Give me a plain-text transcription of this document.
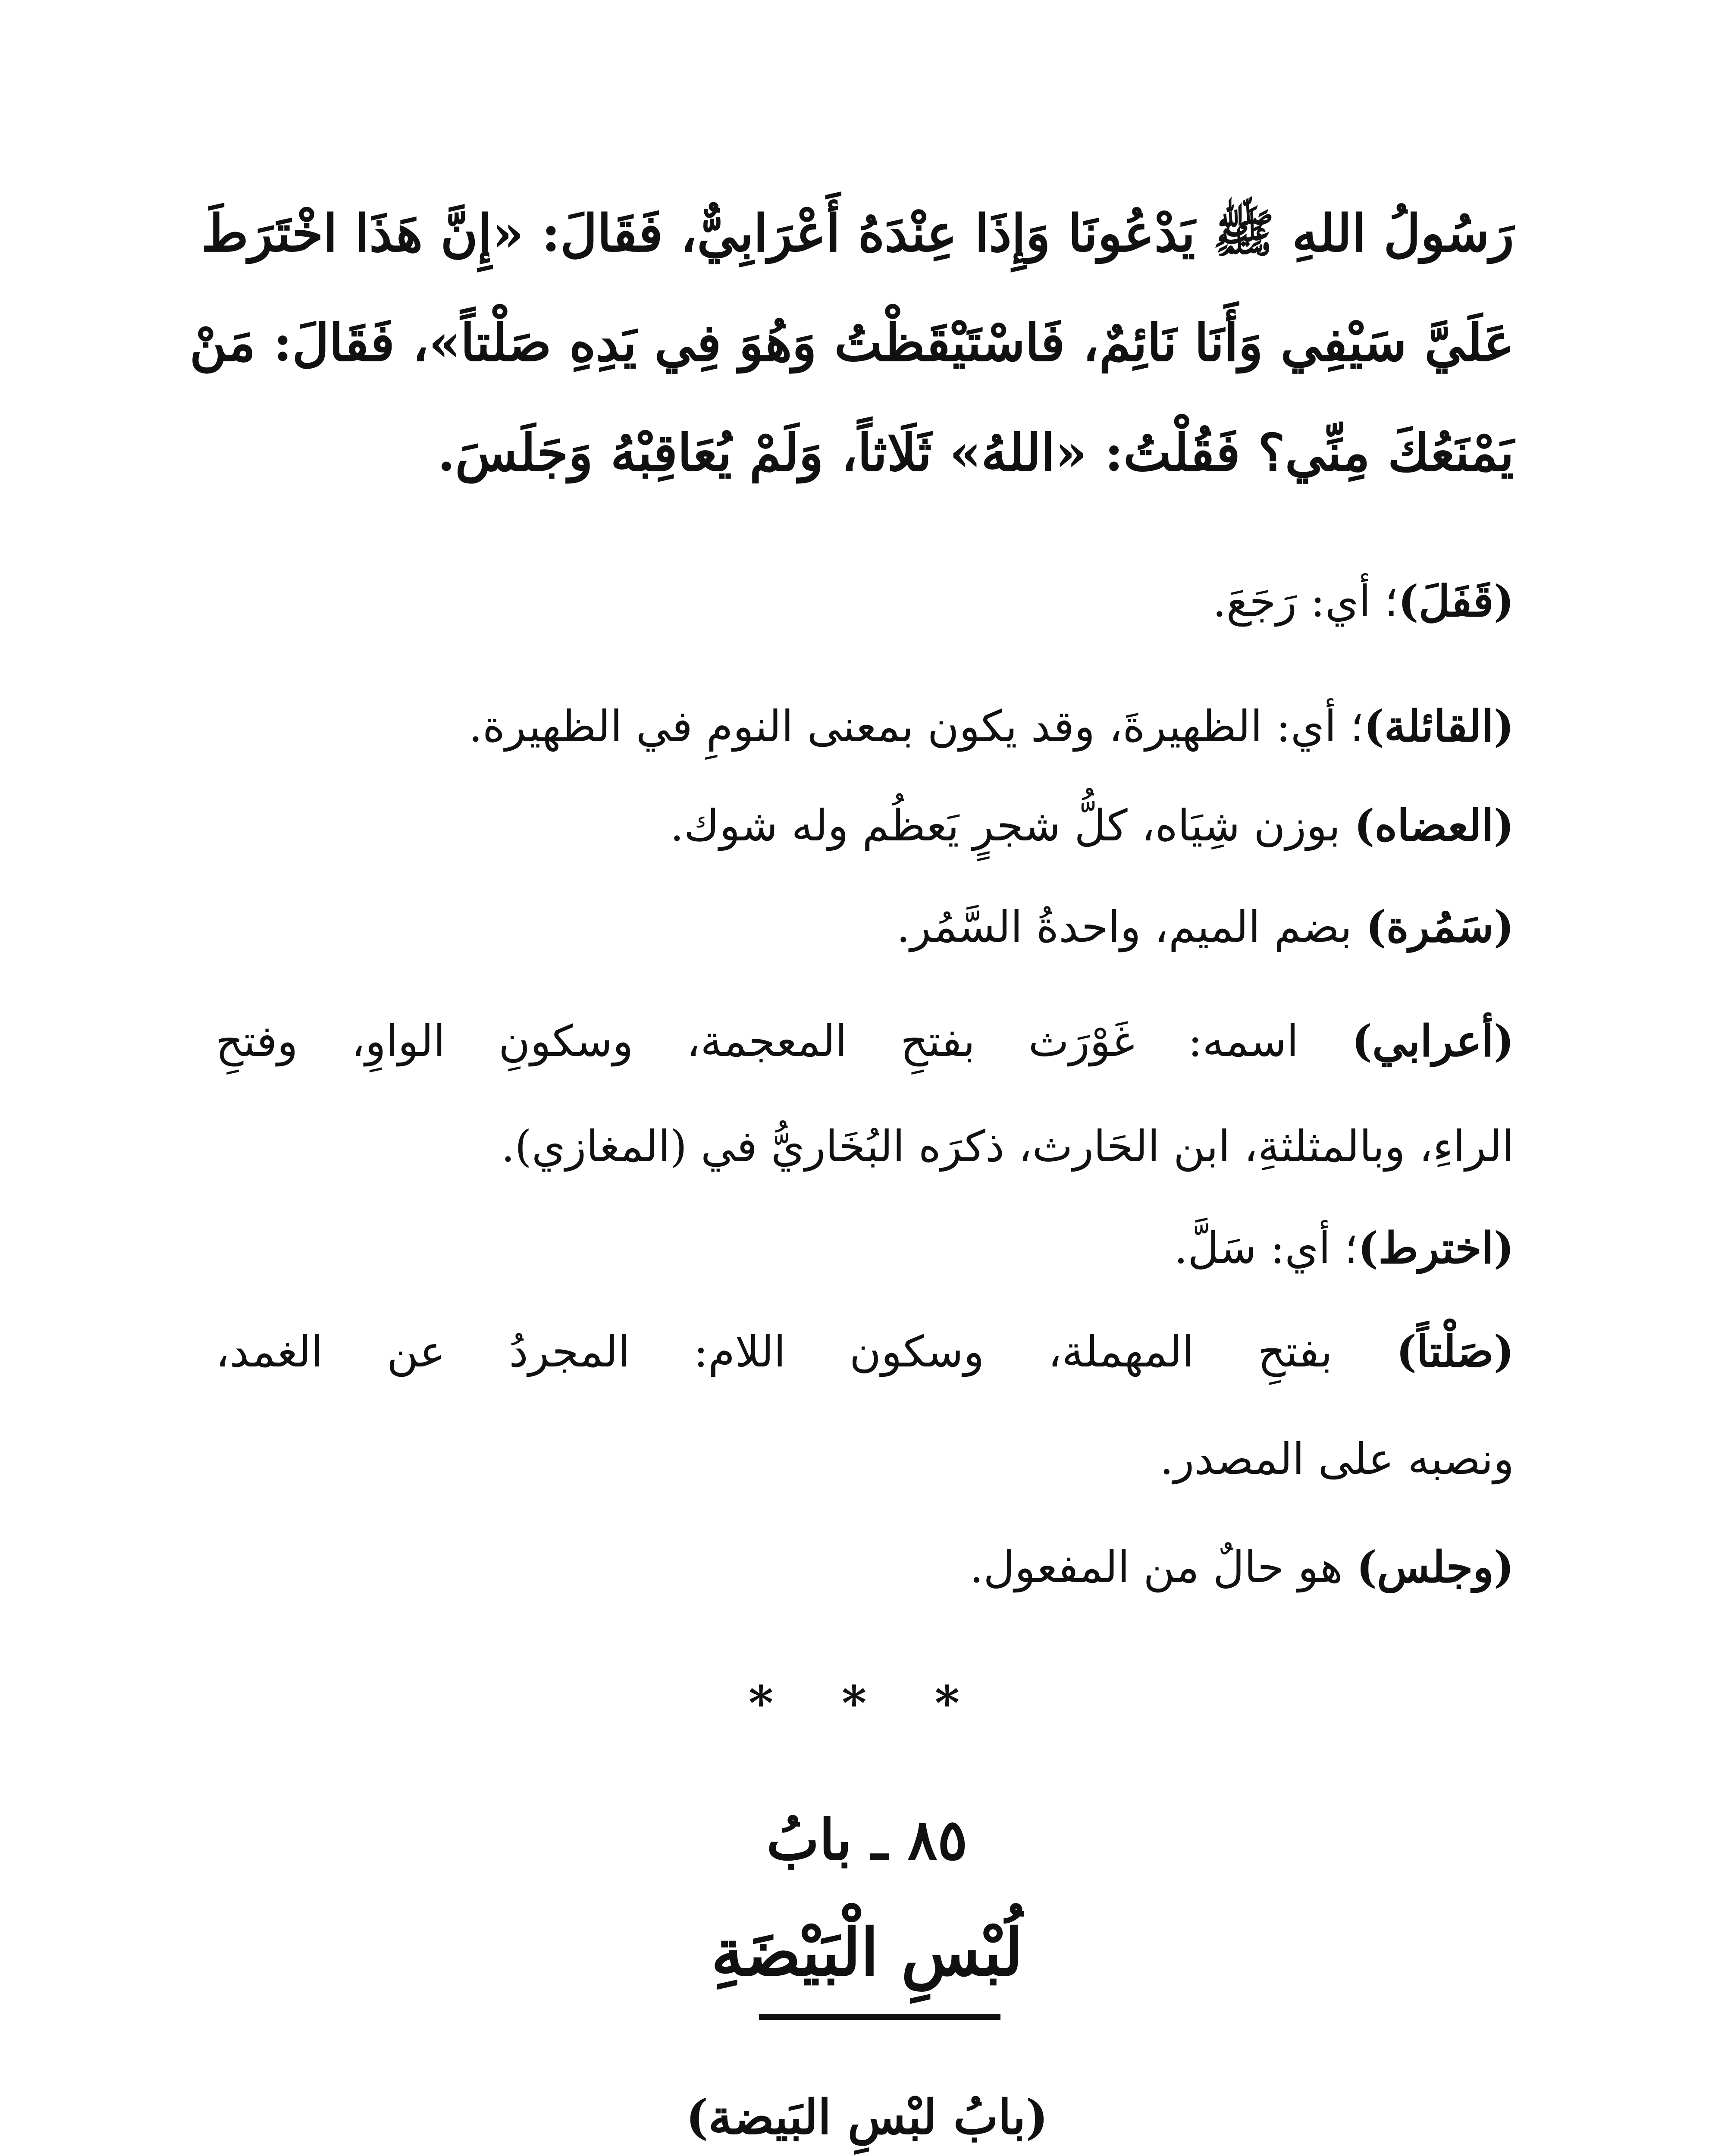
رَسُولُ اللهِ ﷺ يَدْعُونَا وَإِذَا عِنْدَهُ أَعْرَابِيٌّ، فَقَالَ: «إِنَّ هَذَا اخْتَرَطَ
عَلَيَّ سَيْفِي وَأَنَا نَائِمٌ، فَاسْتَيْقَظْتُ وَهُوَ فِي يَدِهِ صَلْتاً»، فَقَالَ: مَنْ
يَمْنَعُكَ مِنِّي؟ فَقُلْتُ: «اللهُ» ثَلَاثاً، وَلَمْ يُعَاقِبْهُ وَجَلَسَ.
(قَفَلَ)؛ أي: رَجَعَ.
(القائلة)؛ أي: الظهيرةَ، وقد يكون بمعنى النومِ في الظهيرة.
(العضاه) بوزن شِيَاه، كلُّ شجرٍ يَعظُم وله شوك.
(سَمُرة) بضم الميم، واحدةُ السَّمُر.
(أعرابي) اسمه: غَوْرَث بفتحِ المعجمة، وسكونِ الواوِ، وفتحِ
الراءِ، وبالمثلثةِ، ابن الحَارث، ذكرَه البُخَاريُّ في (المغازي).
(اخترط)؛ أي: سَلَّ.
(صَلْتاً) بفتحِ المهملة، وسكون اللام: المجردُ عن الغمد،
ونصبه على المصدر.
(وجلس) هو حالٌ من المفعول.
* * *
٨٥ ـ بابُ
لُبْسِ الْبَيْضَةِ
(بابُ لبْسِ البَيضة)
